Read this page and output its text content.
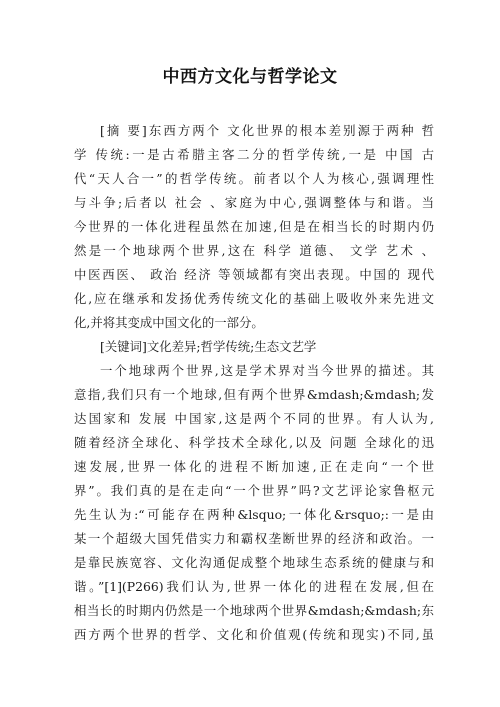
中西方文化与哲学论文
[摘 要]东西方两个 文化世界的根本差别源于两种 哲
学 传统:一是古希腊主客二分的哲学传统,一是 中国 古
代“天人合一”的哲学传统。前者以个人为核心,强调理性
与斗争;后者以 社会 、家庭为中心,强调整体与和谐。当
今世界的一体化进程虽然在加速,但是在相当长的时期内仍
然是一个地球两个世界,这在 科学 道德、 文学 艺术 、
中医西医、 政治 经济 等领域都有突出表现。中国的 现代
化,应在继承和发扬优秀传统文化的基础上吸收外来先进文
化,并将其变成中国文化的一部分。
[关键词]文化差异;哲学传统;生态文艺学
一个地球两个世界,这是学术界对当今世界的描述。其
意指,我们只有一个地球,但有两个世界&mdash;&mdash;发
达国家和 发展 中国家,这是两个不同的世界。有人认为,
随着经济全球化、科学技术全球化,以及 问题 全球化的迅
速发展,世界一体化的进程不断加速,正在走向“一个世
界”。我们真的是在走向“一个世界”吗?文艺评论家鲁枢元
先生认为:“可能存在两种&lsquo;一体化&rsquo;:一是由
某一个超级大国凭借实力和霸权垄断世界的经济和政治。一
是靠民族宽容、文化沟通促成整个地球生态系统的健康与和
谐。”[1](P266)我们认为,世界一体化的进程在发展,但在
相当长的时期内仍然是一个地球两个世界&mdash;&mdash;东
西方两个世界的哲学、文化和价值观(传统和现实)不同,虽
